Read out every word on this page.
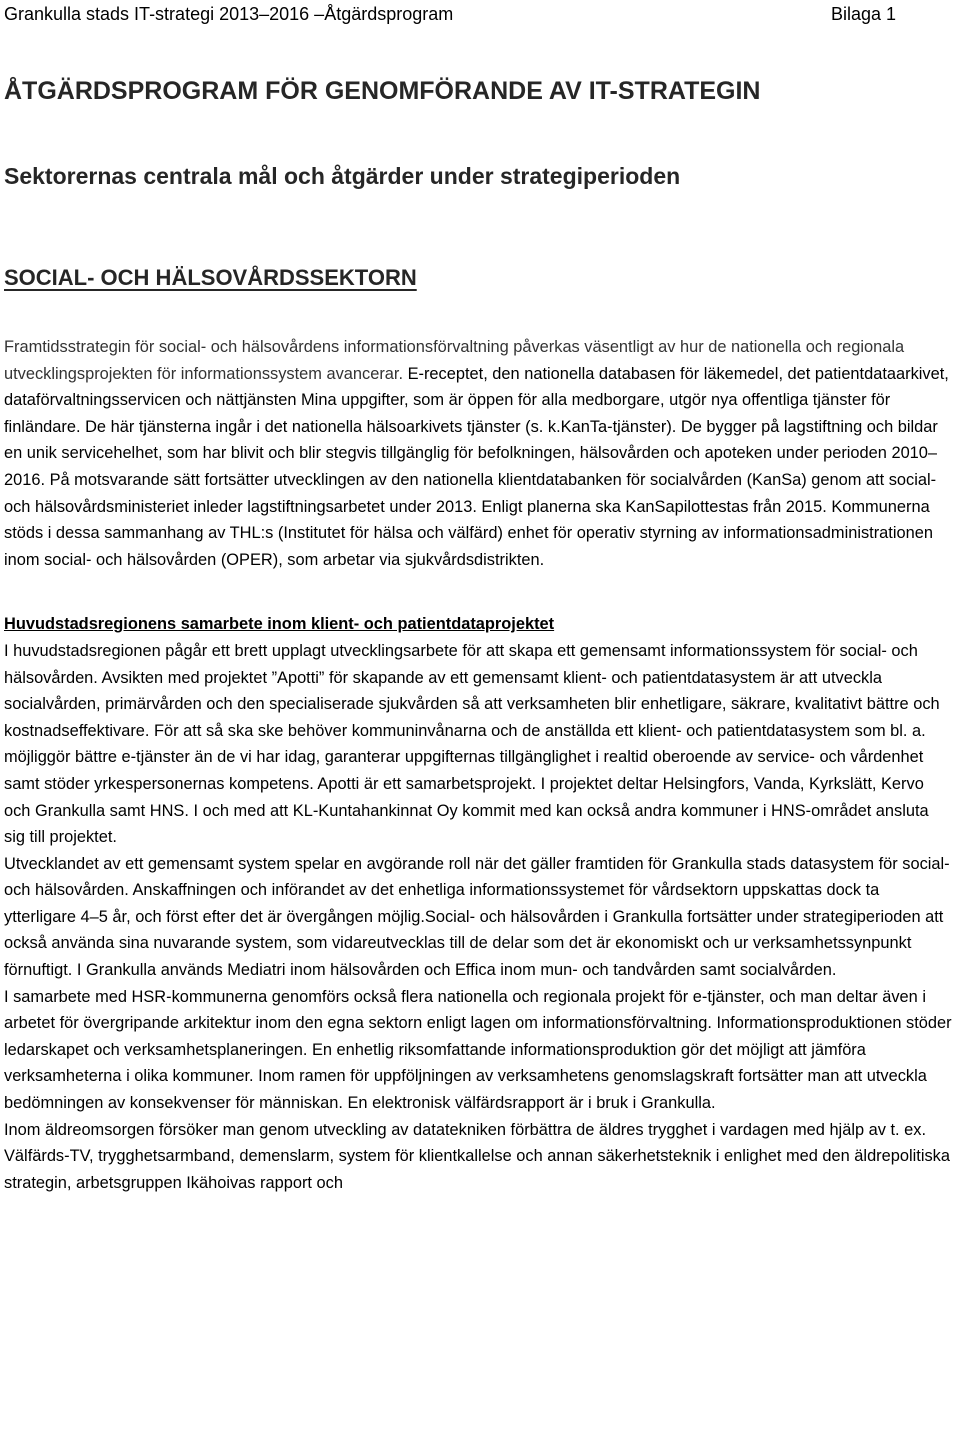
Grankulla stads IT-strategi 2013–2016 –Åtgärdsprogram	Bilaga 1
ÅTGÄRDSPROGRAM FÖR GENOMFÖRANDE AV IT-STRATEGIN
Sektorernas centrala mål och åtgärder under strategiperioden
SOCIAL- OCH HÄLSOVÅRDSSEKTORN

Framtidsstrategin för social- och hälsovårdens informationsförvaltning påverkas väsentligt av hur de nationella och regionala utvecklingsprojekten för informationssystem avancerar. E-receptet, den nationella databasen för läkemedel, det patientdataarkivet, dataförvaltningsservicen och nättjänsten Mina uppgifter, som är öppen för alla medborgare, utgör nya offentliga tjänster för finländare. De här tjänsterna ingår i det nationella hälsoarkivets tjänster (s. k.KanTa-tjänster). De bygger på lagstiftning och bildar en unik servicehelhet, som har blivit och blir stegvis tillgänglig för befolkningen, hälsovården och apoteken under perioden 2010–2016. På motsvarande sätt fortsätter utvecklingen av den nationella klientdatabanken för socialvården (KanSa) genom att social- och hälsovårdsministeriet inleder lagstiftningsarbetet under 2013. Enligt planerna ska KanSapilottestas från 2015. Kommunerna stöds i dessa sammanhang av THL:s (Institutet för hälsa och välfärd) enhet för operativ styrning av informationsadministrationen inom social- och hälsovården (OPER), som arbetar via sjukvårdsdistrikten.

Huvudstadsregionens samarbete inom klient- och patientdataprojektet

I huvudstadsregionen pågår ett brett upplagt utvecklingsarbete för att skapa ett gemensamt informationssystem för social- och hälsovården. Avsikten med projektet ”Apotti” för skapande av ett gemensamt klient- och patientdatasystem är att utveckla socialvården, primärvården och den specialiserade sjukvården så att verksamheten blir enhetligare, säkrare, kvalitativt bättre och kostnadseffektivare. För att så ska ske behöver kommuninvånarna och de anställda ett klient- och patientdatasystem som bl. a. möjliggör bättre e-tjänster än de vi har idag, garanterar uppgifternas tillgänglighet i realtid oberoende av service- och vårdenhet samt stöder yrkespersonernas kompetens. Apotti är ett samarbetsprojekt. I projektet deltar Helsingfors, Vanda, Kyrkslätt, Kervo och Grankulla samt HNS. I och med att KL-Kuntahankinnat Oy kommit med kan också andra kommuner i HNS-området ansluta sig till projektet.

Utvecklandet av ett gemensamt system spelar en avgörande roll när det gäller framtiden för Grankulla stads datasystem för social- och hälsovården. Anskaffningen och införandet av det enhetliga informationssystemet för vårdsektorn uppskattas dock ta ytterligare 4–5 år, och först efter det är övergången möjlig.Social- och hälsovården i Grankulla fortsätter under strategiperioden att också använda sina nuvarande system, som vidareutvecklas till de delar som det är ekonomiskt och ur verksamhetssynpunkt förnuftigt. I Grankulla används Mediatri inom hälsovården och Effica inom mun- och tandvården samt socialvården.

I samarbete med HSR-kommunerna genomförs också flera nationella och regionala projekt för e-tjänster, och man deltar även i arbetet för övergripande arkitektur inom den egna sektorn enligt lagen om informationsförvaltning. Informationsproduktionen stöder ledarskapet och verksamhetsplaneringen. En enhetlig riksomfattande informationsproduktion gör det möjligt att jämföra verksamheterna i olika kommuner. Inom ramen för uppföljningen av verksamhetens genomslagskraft fortsätter man att utveckla bedömningen av konsekvenser för människan. En elektronisk välfärdsrapport är i bruk i Grankulla.

Inom äldreomsorgen försöker man genom utveckling av datatekniken förbättra de äldres trygghet i vardagen med hjälp av t. ex. Välfärds-TV, trygghetsarmband, demenslarm, system för klientkallelse och annan säkerhetsteknik i enlighet med den äldrepolitiska strategin, arbetsgruppen Ikähoivas rapport och
